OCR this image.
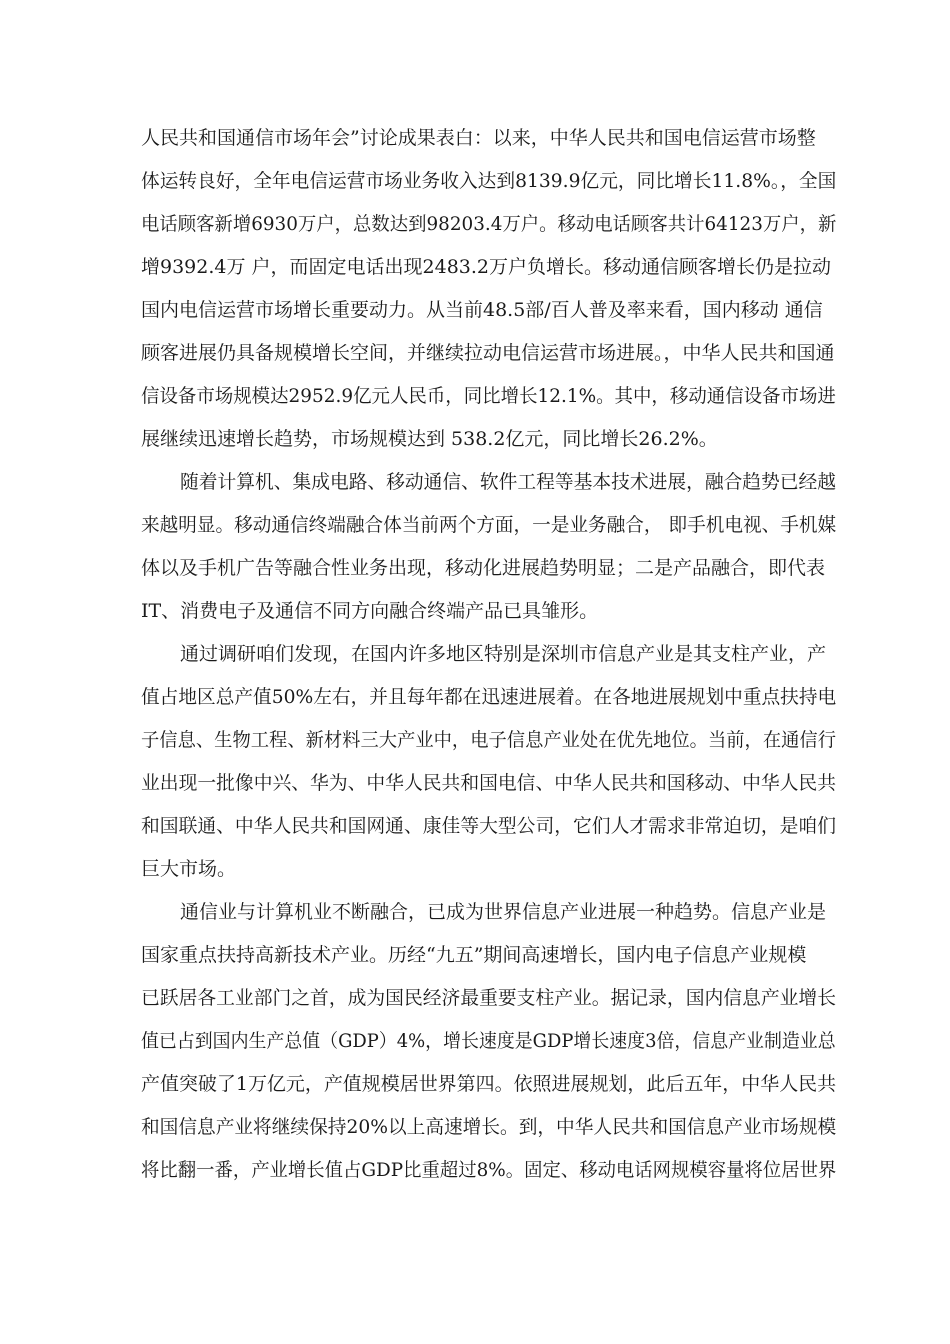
人民共和国通信市场年会”讨论成果表白：以来，中华人民共和国电信运营市场整
体运转良好，全年电信运营市场业务收入达到8139.9亿元，同比增长11.8%。，全国
电话顾客新增6930万户，总数达到98203.4万户。移动电话顾客共计64123万户，新
增9392.4万 户，而固定电话出现2483.2万户负增长。移动通信顾客增长仍是拉动
国内电信运营市场增长重要动力。从当前48.5部/百人普及率来看，国内移动 通信
顾客进展仍具备规模增长空间，并继续拉动电信运营市场进展。，中华人民共和国通
信设备市场规模达2952.9亿元人民币，同比增长12.1%。其中，移动通信设备市场进
展继续迅速增长趋势，市场规模达到 538.2亿元，同比增长26.2%。
随着计算机、集成电路、移动通信、软件工程等基本技术进展，融合趋势已经越
来越明显。移动通信终端融合体当前两个方面，一是业务融合， 即手机电视、手机媒
体以及手机广告等融合性业务出现，移动化进展趋势明显；二是产品融合，即代表
IT、消费电子及通信不同方向融合终端产品已具雏形。
通过调研咱们发现，在国内许多地区特别是深圳市信息产业是其支柱产业，产
值占地区总产值50%左右，并且每年都在迅速进展着。在各地进展规划中重点扶持电
子信息、生物工程、新材料三大产业中，电子信息产业处在优先地位。当前，在通信行
业出现一批像中兴、华为、中华人民共和国电信、中华人民共和国移动、中华人民共
和国联通、中华人民共和国网通、康佳等大型公司，它们人才需求非常迫切，是咱们
巨大市场。
通信业与计算机业不断融合，已成为世界信息产业进展一种趋势。信息产业是
国家重点扶持高新技术产业。历经“九五”期间高速增长，国内电子信息产业规模
已跃居各工业部门之首，成为国民经济最重要支柱产业。据记录，国内信息产业增长
值已占到国内生产总值（GDP）4%，增长速度是GDP增长速度3倍，信息产业制造业总
产值突破了1万亿元，产值规模居世界第四。依照进展规划，此后五年，中华人民共
和国信息产业将继续保持20%以上高速增长。到，中华人民共和国信息产业市场规模
将比翻一番，产业增长值占GDP比重超过8%。固定、移动电话网规模容量将位居世界
